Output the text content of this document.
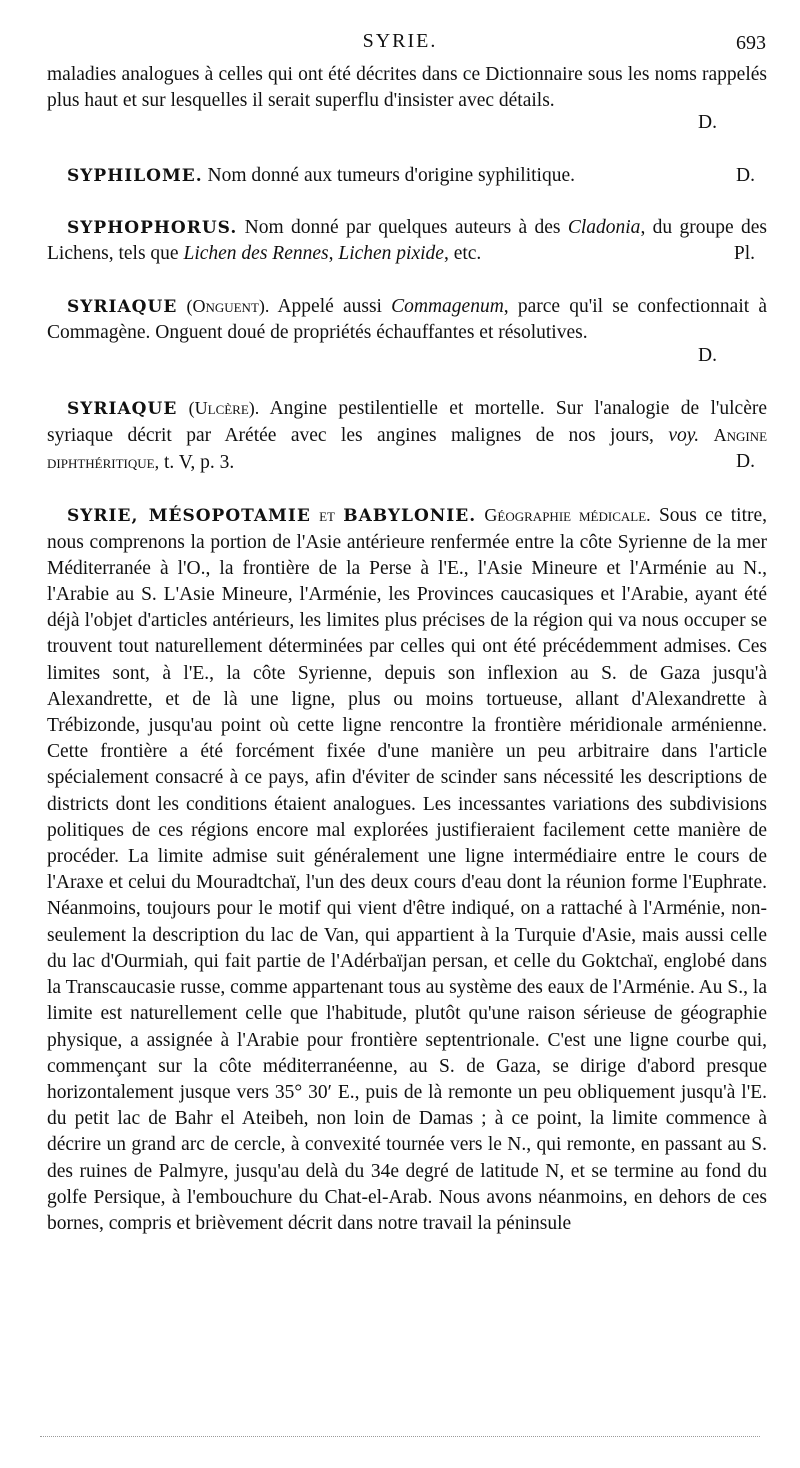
SYRIE.	693

maladies analogues à celles qui ont été décrites dans ce Dictionnaire sous les noms rappelés plus haut et sur lesquelles il serait superflu d'insister avec détails.

D.

SYPHILOME. Nom donné aux tumeurs d'origine syphilitique.	D.

SYPHOPHORUS. Nom donné par quelques auteurs à des Cladonia, du groupe des Lichens, tels que Lichen des Rennes, Lichen pixide, etc.	Pl.

SYRIAQUE (Onguent). Appelé aussi Commagenum, parce qu'il se confectionnait à Commagène. Onguent doué de propriétés échauffantes et résolutives.

D.

SYRIAQUE (Ulcère). Angine pestilentielle et mortelle. Sur l'analogie de l'ulcère syriaque décrit par Arétée avec les angines malignes de nos jours, voy. Angine diphthéritique, t. V, p. 3.	D.

SYRIE, MÉSOPOTAMIE et BABYLONIE. Géographie médicale. Sous ce titre, nous comprenons la portion de l'Asie antérieure renfermée entre la côte Syrienne de la mer Méditerranée à l'O., la frontière de la Perse à l'E., l'Asie Mineure et l'Arménie au N., l'Arabie au S. L'Asie Mineure, l'Arménie, les Provinces caucasiques et l'Arabie, ayant été déjà l'objet d'articles antérieurs, les limites plus précises de la région qui va nous occuper se trouvent tout naturellement déterminées par celles qui ont été précédemment admises. Ces limites sont, à l'E., la côte Syrienne, depuis son inflexion au S. de Gaza jusqu'à Alexandrette, et de là une ligne, plus ou moins tortueuse, allant d'Alexandrette à Trébizonde, jusqu'au point où cette ligne rencontre la frontière méridionale arménienne. Cette frontière a été forcément fixée d'une manière un peu arbitraire dans l'article spécialement consacré à ce pays, afin d'éviter de scinder sans nécessité les descriptions de districts dont les conditions étaient analogues. Les incessantes variations des subdivisions politiques de ces régions encore mal explorées justifieraient facilement cette manière de procéder. La limite admise suit généralement une ligne intermédiaire entre le cours de l'Araxe et celui du Mouradtchaï, l'un des deux cours d'eau dont la réunion forme l'Euphrate. Néanmoins, toujours pour le motif qui vient d'être indiqué, on a rattaché à l'Arménie, non-seulement la description du lac de Van, qui appartient à la Turquie d'Asie, mais aussi celle du lac d'Ourmiah, qui fait partie de l'Adérbaïjan persan, et celle du Goktchaï, englobé dans la Transcaucasie russe, comme appartenant tous au système des eaux de l'Arménie. Au S., la limite est naturellement celle que l'habitude, plutôt qu'une raison sérieuse de géographie physique, a assignée à l'Arabie pour frontière septentrionale. C'est une ligne courbe qui, commençant sur la côte méditerranéenne, au S. de Gaza, se dirige d'abord presque horizontalement jusque vers 35° 30′ E., puis de là remonte un peu obliquement jusqu'à l'E. du petit lac de Bahr el Ateibeh, non loin de Damas ; à ce point, la limite commence à décrire un grand arc de cercle, à convexité tournée vers le N., qui remonte, en passant au S. des ruines de Palmyre, jusqu'au delà du 34e degré de latitude N, et se termine au fond du golfe Persique, à l'embouchure du Chat-el-Arab. Nous avons néanmoins, en dehors de ces bornes, compris et brièvement décrit dans notre travail la péninsule
